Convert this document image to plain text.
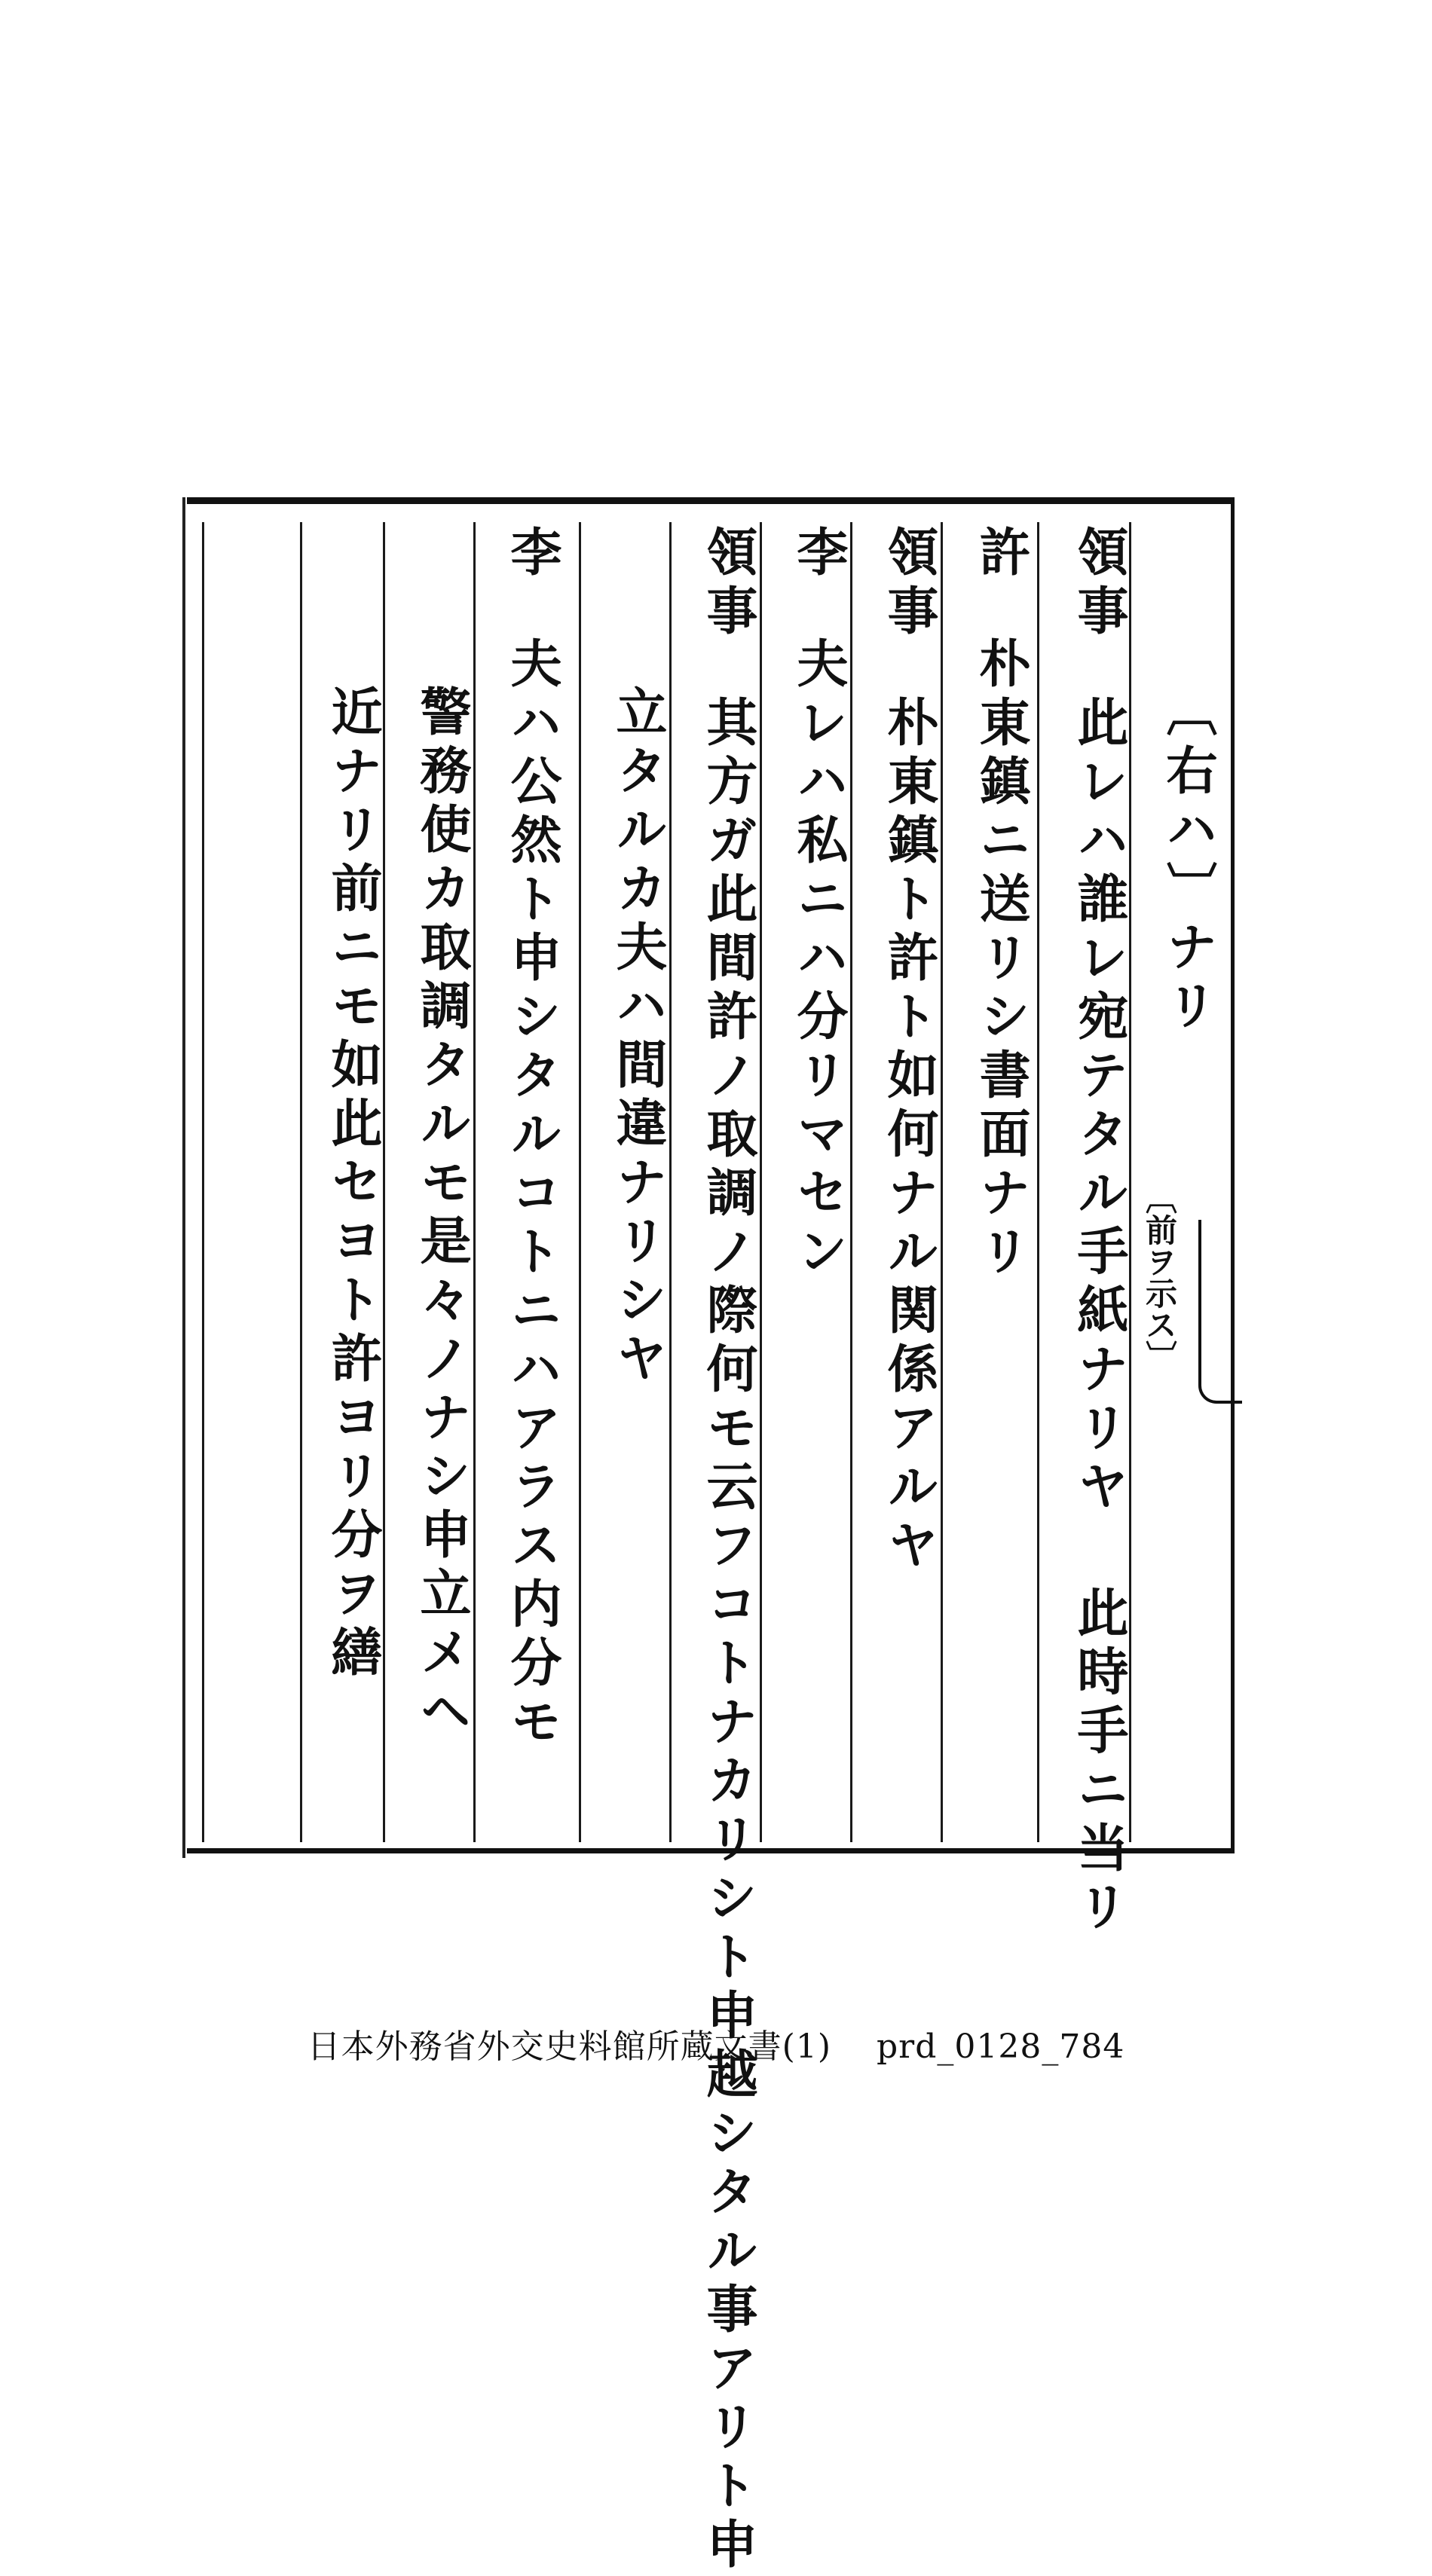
〔右ハ〕ナリ
領事此レハ誰レ宛テタル手紙ナリヤ 此時手ニ当リ 〔前ヲ示ス〕
許朴東鎮ニ送リシ書面ナリ
領事朴東鎮ト許ト如何ナル関係アルヤ
李夫レハ私ニハ分リマセン
領事其方ガ此間許ノ取調ノ際何モ云フコトナカリシト申越シタル事アリト申
立タルカ夫ハ間違ナリシヤ
李夫ハ公然ト申シタルコトニハアラス内分モ
警務使カ取調タルモ是々ノナシ申立メヘ
近ナリ前ニモ如此セヨト許ヨリ分ヲ繕
日本外務省外交史料館所蔵文書(1) prd_0128_784
